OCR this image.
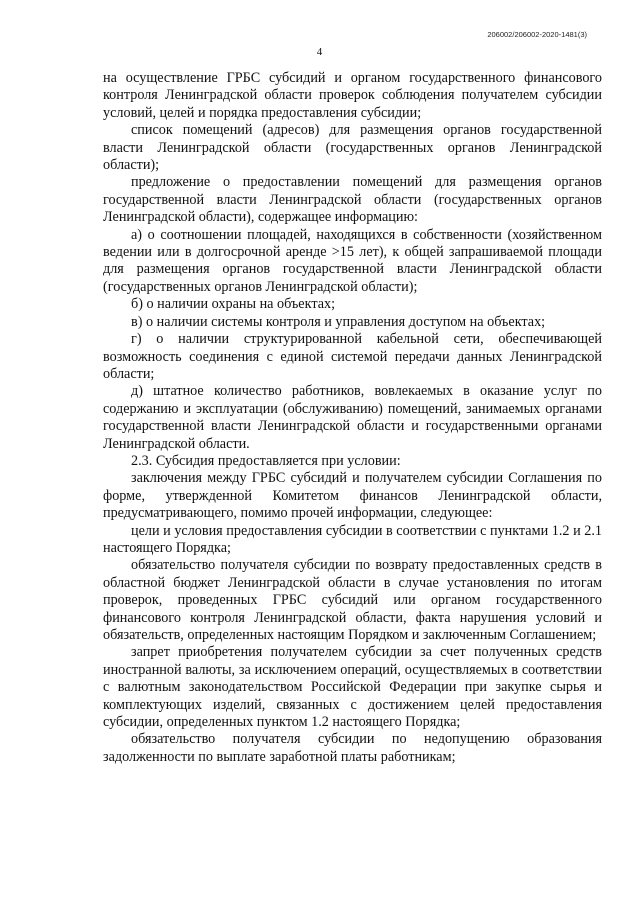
206002/206002-2020-1481(3)
4

на осуществление ГРБС субсидий и органом государственного финансового контроля Ленинградской области проверок соблюдения получателем субсидии условий, целей и порядка предоставления субсидии;

список помещений (адресов) для размещения органов государственной власти Ленинградской области (государственных органов Ленинградской области);

предложение о предоставлении помещений для размещения органов государственной власти Ленинградской области (государственных органов Ленинградской области), содержащее информацию:

а) о соотношении площадей, находящихся в собственности (хозяйственном ведении или в долгосрочной аренде >15 лет), к общей запрашиваемой площади для размещения органов государственной власти Ленинградской области (государственных органов Ленинградской области);

б) о наличии охраны на объектах;

в) о наличии системы контроля и управления доступом на объектах;

г) о наличии структурированной кабельной сети, обеспечивающей возможность соединения с единой системой передачи данных Ленинградской области;

д) штатное количество работников, вовлекаемых в оказание услуг по содержанию и эксплуатации (обслуживанию) помещений, занимаемых органами государственной власти Ленинградской области и государственными органами Ленинградской области.

2.3. Субсидия предоставляется при условии:

заключения между ГРБС субсидий и получателем субсидии Соглашения по форме, утвержденной Комитетом финансов Ленинградской области, предусматривающего, помимо прочей информации, следующее:

цели и условия предоставления субсидии в соответствии с пунктами 1.2 и 2.1 настоящего Порядка;

обязательство получателя субсидии по возврату предоставленных средств в областной бюджет Ленинградской области в случае установления по итогам проверок, проведенных ГРБС субсидий или органом государственного финансового контроля Ленинградской области, факта нарушения условий и обязательств, определенных настоящим Порядком и заключенным Соглашением;

запрет приобретения получателем субсидии за счет полученных средств иностранной валюты, за исключением операций, осуществляемых в соответствии с валютным законодательством Российской Федерации при закупке сырья и комплектующих изделий, связанных с достижением целей предоставления субсидии, определенных пунктом 1.2 настоящего Порядка;

обязательство получателя субсидии по недопущению образования задолженности по выплате заработной платы работникам;
